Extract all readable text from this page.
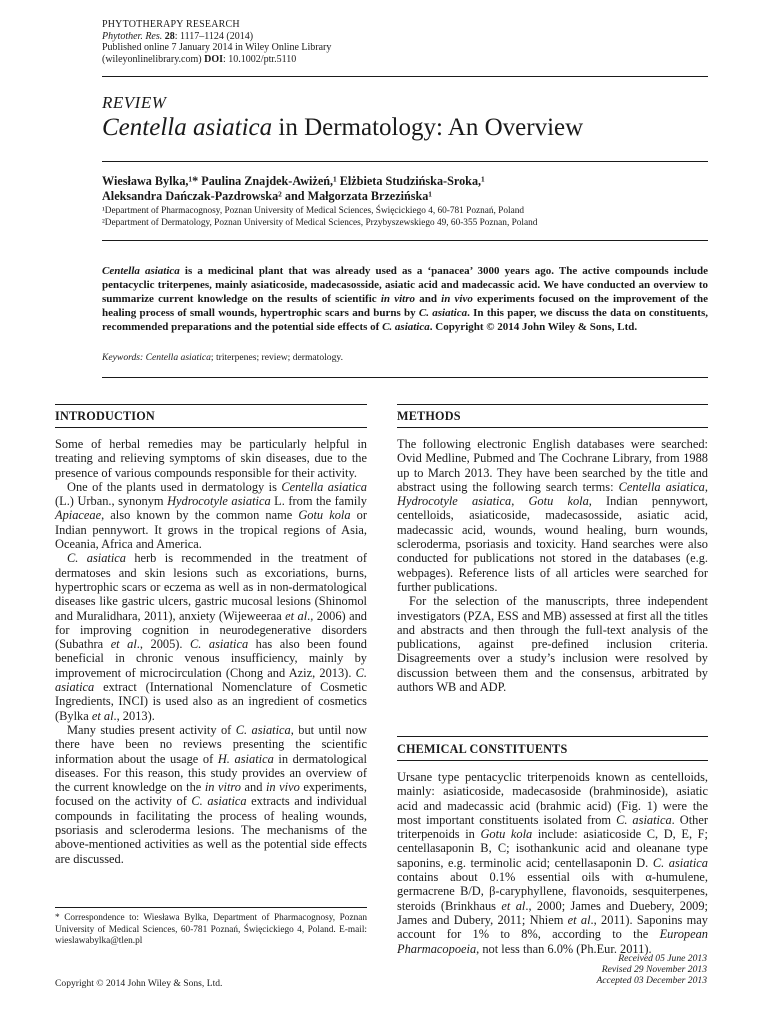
PHYTOTHERAPY RESEARCH
Phytother. Res. 28: 1117–1124 (2014)
Published online 7 January 2014 in Wiley Online Library
(wileyonlinelibrary.com) DOI: 10.1002/ptr.5110
REVIEW
Centella asiatica in Dermatology: An Overview
Wiesława Bylka,¹* Paulina Znajdek-Awiżeń,¹ Elżbieta Studzińska-Sroka,¹
Aleksandra Dańczak-Pazdrowska² and Małgorzata Brzezińska¹
¹Department of Pharmacognosy, Poznan University of Medical Sciences, Święcickiego 4, 60-781 Poznań, Poland
²Department of Dermatology, Poznan University of Medical Sciences, Przybyszewskiego 49, 60-355 Poznan, Poland
Centella asiatica is a medicinal plant that was already used as a ‘panacea’ 3000 years ago. The active compounds include pentacyclic triterpenes, mainly asiaticoside, madecasosside, asiatic acid and madecassic acid. We have conducted an overview to summarize current knowledge on the results of scientific in vitro and in vivo experiments focused on the improvement of the healing process of small wounds, hypertrophic scars and burns by C. asiatica. In this paper, we discuss the data on constituents, recommended preparations and the potential side effects of C. asiatica. Copyright © 2014 John Wiley & Sons, Ltd.
Keywords: Centella asiatica; triterpenes; review; dermatology.
INTRODUCTION

Some of herbal remedies may be particularly helpful in treating and relieving symptoms of skin diseases, due to the presence of various compounds responsible for their activity.

One of the plants used in dermatology is Centella asiatica (L.) Urban., synonym Hydrocotyle asiatica L. from the family Apiaceae, also known by the common name Gotu kola or Indian pennywort. It grows in the tropical regions of Asia, Oceania, Africa and America.

C. asiatica herb is recommended in the treatment of dermatoses and skin lesions such as excoriations, burns, hypertrophic scars or eczema as well as in non-dermatological diseases like gastric ulcers, gastric mucosal lesions (Shinomol and Muralidhara, 2011), anxiety (Wijeweeraa et al., 2006) and for improving cognition in neurodegenerative disorders (Subathra et al., 2005). C. asiatica has also been found beneficial in chronic venous insufficiency, mainly by improvement of microcirculation (Chong and Aziz, 2013). C. asiatica extract (International Nomenclature of Cosmetic Ingredients, INCI) is used also as an ingredient of cosmetics (Bylka et al., 2013).

Many studies present activity of C. asiatica, but until now there have been no reviews presenting the scientific information about the usage of H. asiatica in dermatological diseases. For this reason, this study provides an overview of the current knowledge on the in vitro and in vivo experiments, focused on the activity of C. asiatica extracts and individual compounds in facilitating the process of healing wounds, psoriasis and scleroderma lesions. The mechanisms of the above-mentioned activities as well as the potential side effects are discussed.

* Correspondence to: Wiesława Bylka, Department of Pharmacognosy, Poznan University of Medical Sciences, 60-781 Poznań, Święcickiego 4, Poland. E-mail: wieslawabylka@tlen.pl
Copyright © 2014 John Wiley & Sons, Ltd.
METHODS

The following electronic English databases were searched: Ovid Medline, Pubmed and The Cochrane Library, from 1988 up to March 2013. They have been searched by the title and abstract using the following search terms: Centella asiatica, Hydrocotyle asiatica, Gotu kola, Indian pennywort, centelloids, asiaticoside, madecasosside, asiatic acid, madecassic acid, wounds, wound healing, burn wounds, scleroderma, psoriasis and toxicity. Hand searches were also conducted for publications not stored in the databases (e.g. webpages). Reference lists of all articles were searched for further publications.

For the selection of the manuscripts, three independent investigators (PZA, ESS and MB) assessed at first all the titles and abstracts and then through the full-text analysis of the publications, against pre-defined inclusion criteria. Disagreements over a study’s inclusion were resolved by discussion between them and the consensus, arbitrated by authors WB and ADP.

CHEMICAL CONSTITUENTS

Ursane type pentacyclic triterpenoids known as centelloids, mainly: asiaticoside, madecasoside (brahminoside), asiatic acid and madecassic acid (brahmic acid) (Fig. 1) were the most important constituents isolated from C. asiatica. Other triterpenoids in Gotu kola include: asiaticoside C, D, E, F; centellasaponin B, C; isothankunic acid and oleanane type saponins, e.g. terminolic acid; centellasaponin D. C. asiatica contains about 0.1% essential oils with α-humulene, germacrene B/D, β-caryphyllene, flavonoids, sesquiterpenes, steroids (Brinkhaus et al., 2000; James and Duebery, 2009; James and Dubery, 2011; Nhiem et al., 2011). Saponins may account for 1% to 8%, according to the European Pharmacopoeia, not less than 6.0% (Ph.Eur. 2011).

Received 05 June 2013
Revised 29 November 2013
Accepted 03 December 2013
